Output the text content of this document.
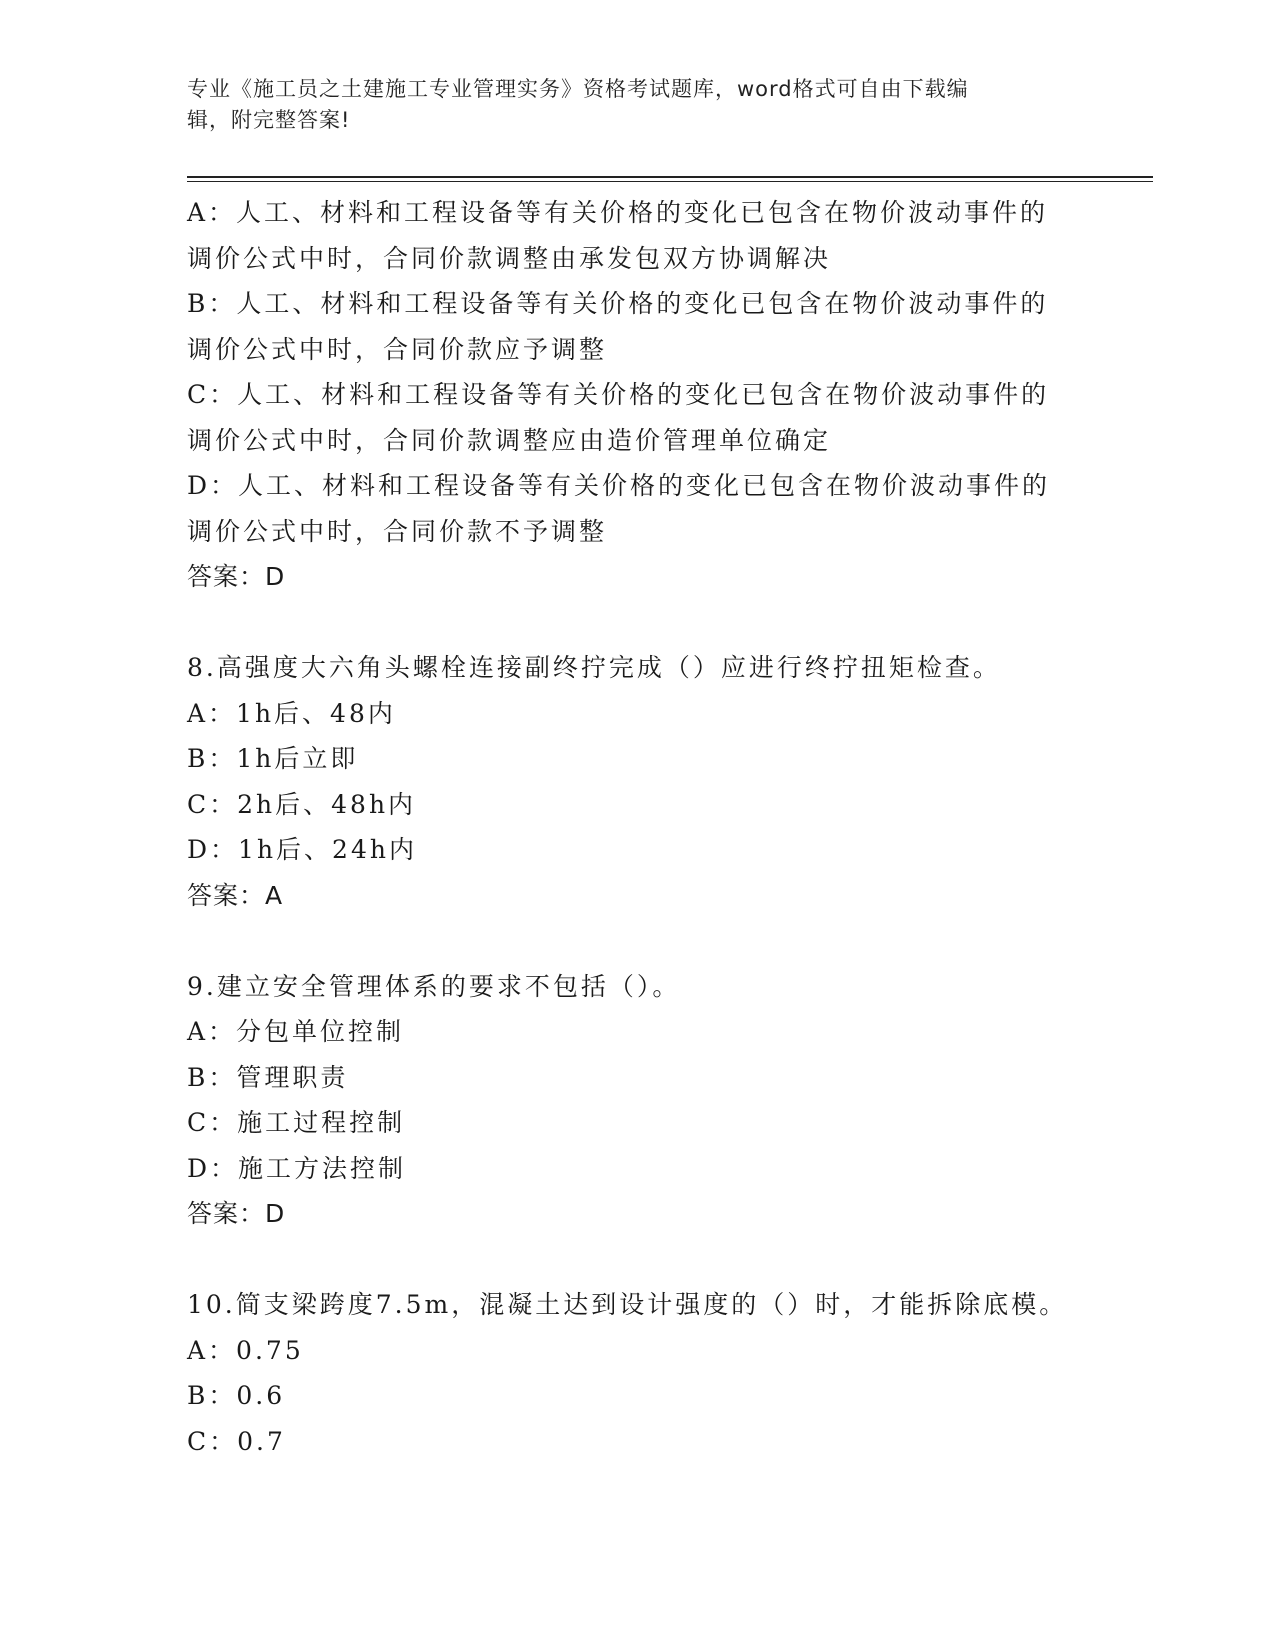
专业《施工员之土建施工专业管理实务》资格考试题库，word格式可自由下载编
辑，附完整答案!
A：人工、材料和工程设备等有关价格的变化已包含在物价波动事件的
调价公式中时，合同价款调整由承发包双方协调解决
B：人工、材料和工程设备等有关价格的变化已包含在物价波动事件的
调价公式中时，合同价款应予调整
C：人工、材料和工程设备等有关价格的变化已包含在物价波动事件的
调价公式中时，合同价款调整应由造价管理单位确定
D：人工、材料和工程设备等有关价格的变化已包含在物价波动事件的
调价公式中时，合同价款不予调整
答案：D
8.高强度大六角头螺栓连接副终拧完成（）应进行终拧扭矩检查。
A：1h后、48内
B：1h后立即
C：2h后、48h内
D：1h后、24h内
答案：A
9.建立安全管理体系的要求不包括（）。
A：分包单位控制
B：管理职责
C：施工过程控制
D：施工方法控制
答案：D
10.简支梁跨度7.5m，混凝土达到设计强度的（）时，才能拆除底模。
A：0.75
B：0.6
C：0.7
